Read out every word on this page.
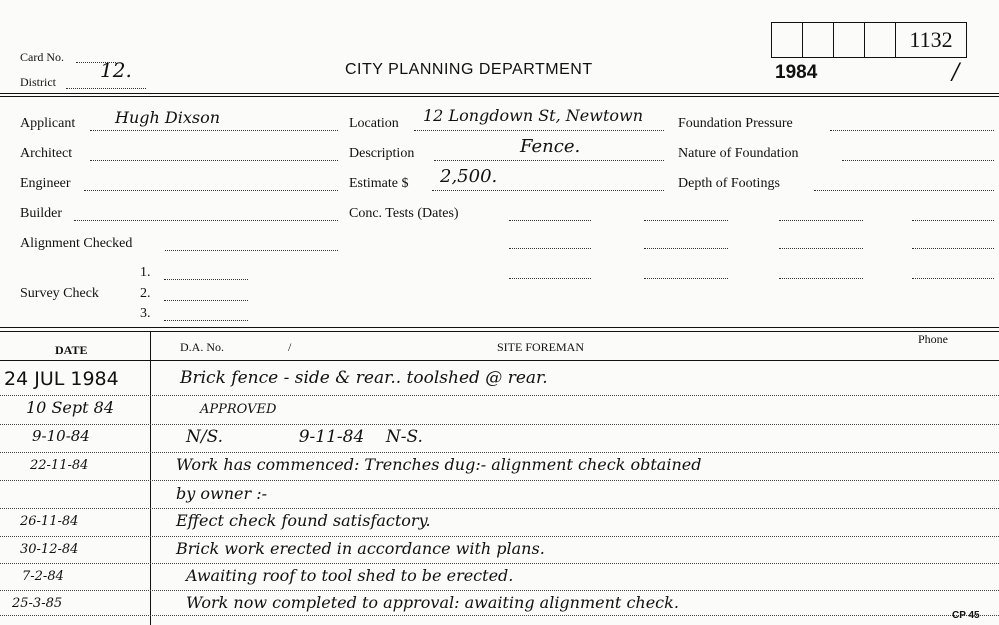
Card No.
District 12.	CITY PLANNING DEPARTMENT
1132
1984	/
Applicant Hugh Dixson
Architect
Engineer
Builder
Alignment Checked
1.
Survey Check	2.
3.
Location 12 Longdown St, Newtown
Description	Fence.
Estimate $ 2,500.
Conc. Tests (Dates)
Foundation Pressure
Nature of Foundation
Depth of Footings
DATE	D.A. No.	/	SITE FOREMAN
Phone
24 JUL 1984	Brick fence - side & rear.. toolshed @ rear.
10 Sept 84	APPROVED
9-10-84	N/S.              9-11-84    N-S.
22-11-84	Work has commenced: Trenches dug:- alignment check obtained
by owner :-
26-11-84	Effect check found satisfactory.
30-12-84	Brick work erected in accordance with plans.
7-2-84	Awaiting roof to tool shed to be erected.
25-3-85	Work now completed to approval: awaiting alignment check.
CP 45
